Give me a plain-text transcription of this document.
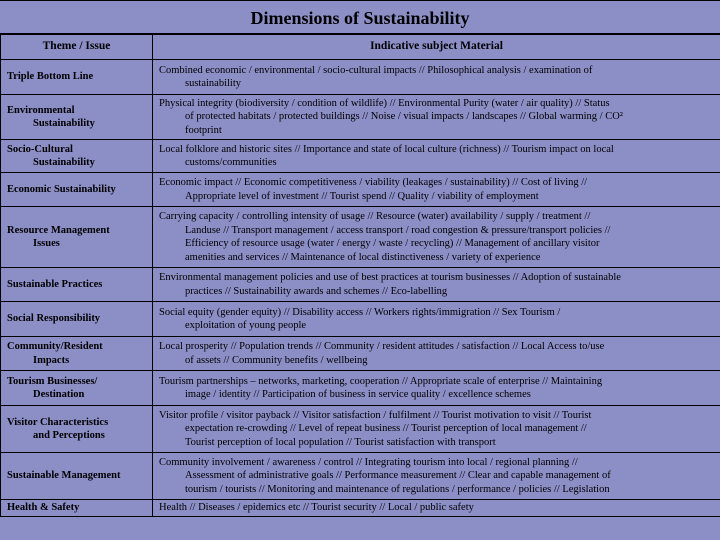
Dimensions of Sustainability
Theme / Issue	Indicative subject Material

Triple Bottom Line	Combined economic / environmental / socio-cultural impacts // Philosophical analysis / examination of
sustainability

Environmental
Sustainability	Physical integrity (biodiversity / condition of wildlife) // Environmental Purity (water / air quality) // Status
of protected habitats / protected buildings // Noise / visual impacts / landscapes // Global warming / CO²
footprint

Socio-Cultural
Sustainability	Local folklore and historic sites // Importance and state of local culture (richness) // Tourism impact on local
customs/communities

Economic Sustainability	Economic impact // Economic competitiveness / viability (leakages / sustainability) // Cost of living //
Appropriate level of investment // Tourist spend // Quality / viability of employment

Resource Management
Issues	Carrying capacity / controlling intensity of usage // Resource (water) availability / supply / treatment //
Landuse // Transport management / access transport / road congestion & pressure/transport policies //
Efficiency of resource usage (water / energy / waste / recycling) // Management of ancillary visitor
amenities and services // Maintenance of local distinctiveness / variety of experience

Sustainable Practices	Environmental management policies and use of best practices at tourism businesses // Adoption of sustainable
practices // Sustainability awards and schemes // Eco-labelling

Social Responsibility	Social equity (gender equity) // Disability access // Workers rights/immigration // Sex Tourism /
exploitation of young people

Community/Resident
Impacts	Local prosperity // Population trends // Community / resident attitudes / satisfaction // Local Access to/use
of assets // Community benefits / wellbeing

Tourism Businesses/
Destination	Tourism partnerships – networks, marketing, cooperation // Appropriate scale of enterprise // Maintaining
image / identity // Participation of business in service quality / excellence schemes

Visitor Characteristics
and Perceptions	Visitor profile / visitor payback // Visitor satisfaction / fulfilment // Tourist motivation to visit // Tourist
expectation re-crowding // Level of repeat business // Tourist perception of local management //
Tourist perception of local population // Tourist satisfaction with transport

Sustainable Management	Community involvement / awareness / control // Integrating tourism into local / regional planning //
Assessment of administrative goals // Performance measurement // Clear and capable management of
tourism / tourists // Monitoring and maintenance of regulations / performance / policies // Legislation

Health & Safety	Health // Diseases / epidemics etc // Tourist security // Local / public safety
